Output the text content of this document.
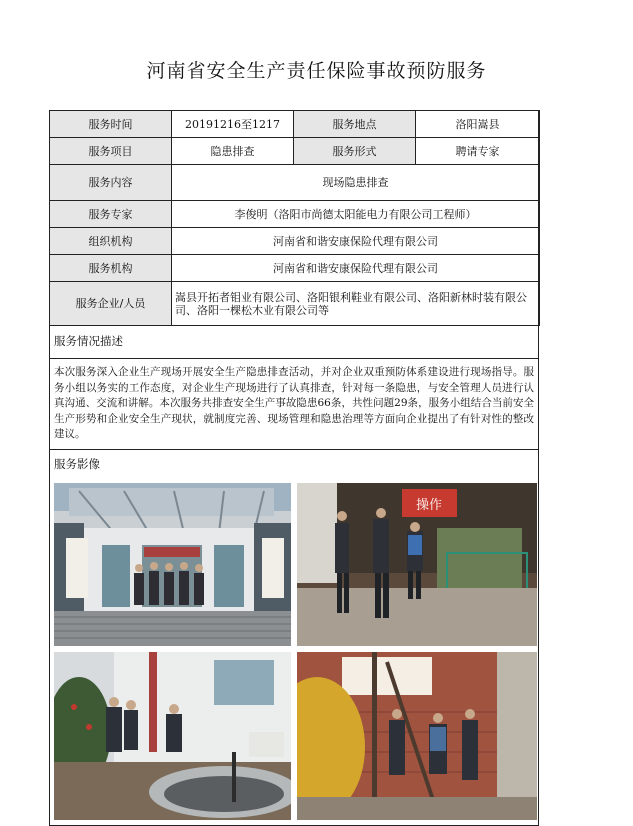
河南省安全生产责任保险事故预防服务
服务时间	20191216至1217	服务地点	洛阳嵩县
服务项目	隐患排查	服务形式	聘请专家
服务内容	现场隐患排查		
服务专家	李俊明（洛阳市尚德太阳能电力有限公司工程师）		
组织机构	河南省和谐安康保险代理有限公司		
服务机构	河南省和谐安康保险代理有限公司		
服务企业/人员	嵩县开拓者钼业有限公司、洛阳银利鞋业有限公司、洛阳新林时装有限公司、洛阳一棵松木业有限公司等		
服务情况描述
本次服务深入企业生产现场开展安全生产隐患排查活动，并对企业双重预防体系建设进行现场指导。服务小组以务实的工作态度，对企业生产现场进行了认真排查，针对每一条隐患，与安全管理人员进行认真沟通、交流和讲解。本次服务共排查安全生产事故隐患66条，共性问题29条，服务小组结合当前安全生产形势和企业安全生产现状，就制度完善、现场管理和隐患治理等方面向企业提出了有针对性的整改建议。
服务影像
操作
